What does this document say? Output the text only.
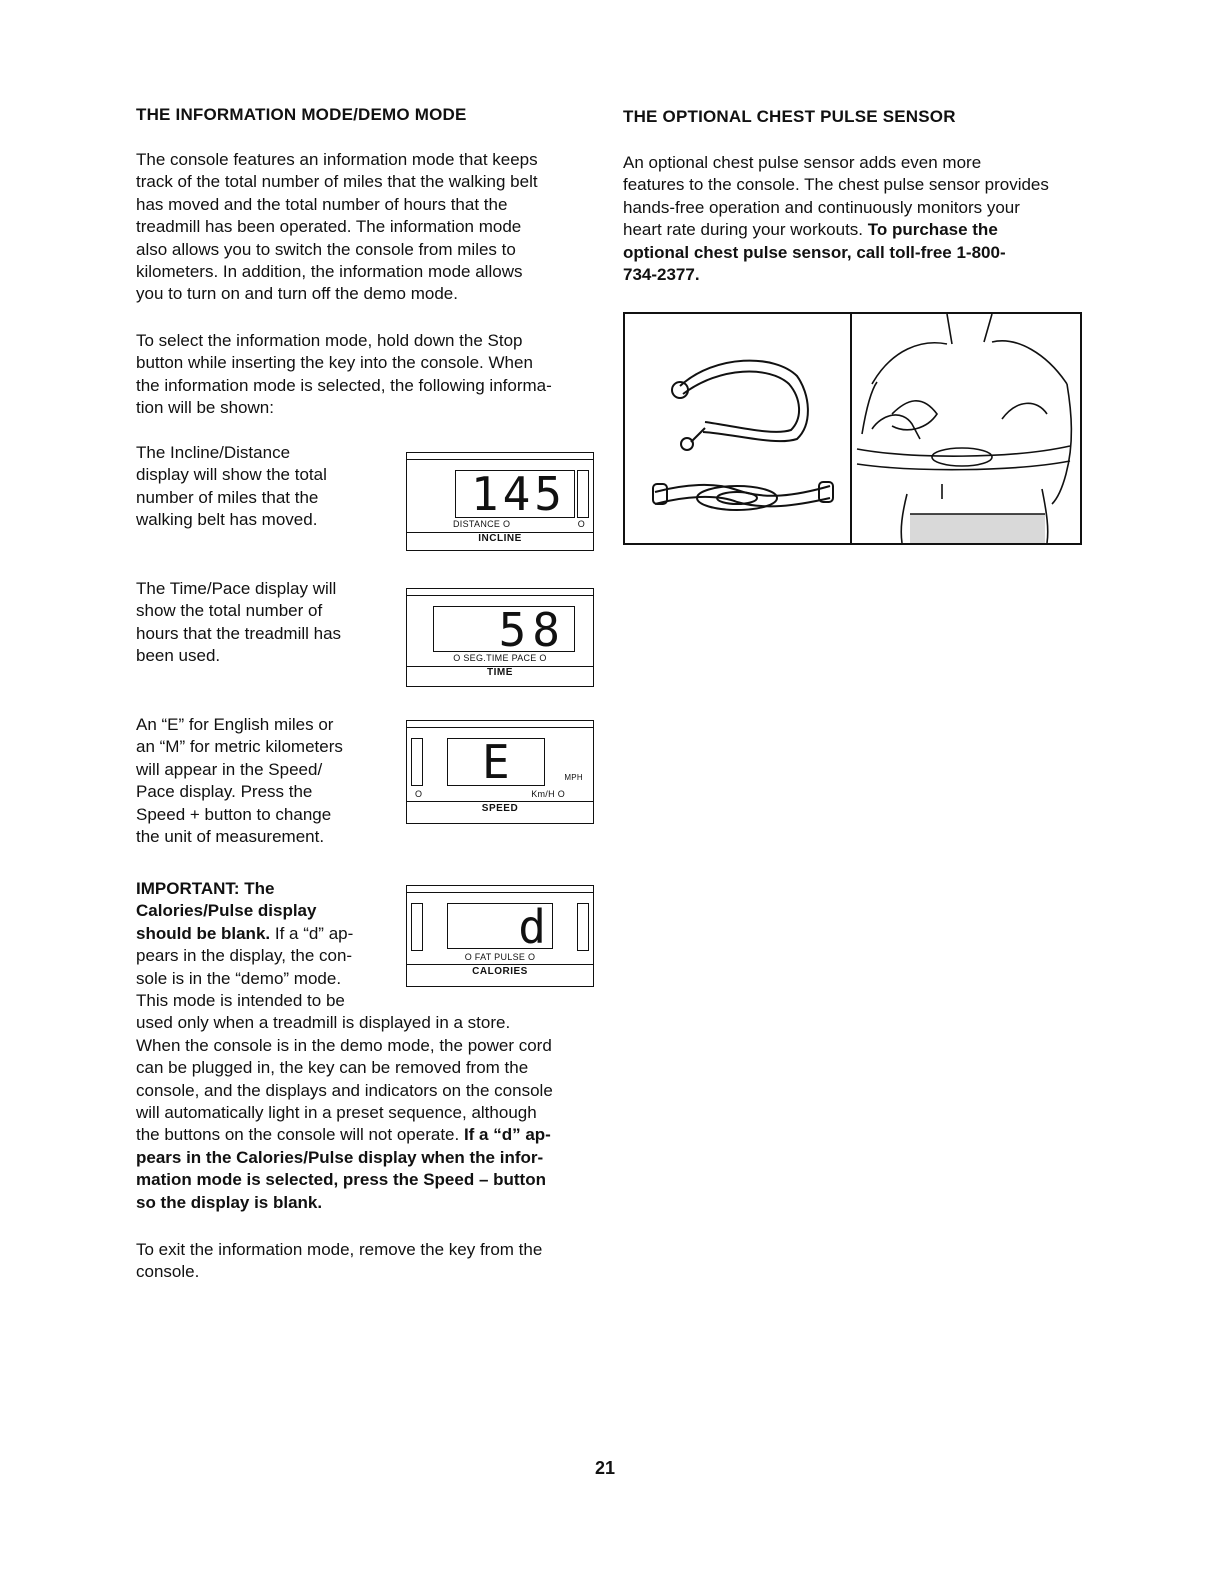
THE INFORMATION MODE/DEMO MODE

The console features an information mode that keeps

track of the total number of miles that the walking belt

has moved and the total number of hours that the

treadmill has been operated. The information mode

also allows you to switch the console from miles to

kilometers. In addition, the information mode allows

you to turn on and turn off the demo mode.

To select the information mode, hold down the Stop

button while inserting the key into the console. When

the information mode is selected, the following informa-

tion will be shown:

The Incline/Distance

display will show the total

number of miles that the

walking belt has moved.

The Time/Pace display will

show the total number of

hours that the treadmill has

been used.

An “E” for English miles or

an “M” for metric kilometers

will appear in the Speed/

Pace display. Press the

Speed + button to change

the unit of measurement.

IMPORTANT: The

Calories/Pulse display

should be blank. If a “d” ap-

pears in the display, the con-

sole is in the “demo” mode.

This mode is intended to be

used only when a treadmill is displayed in a store.

When the console is in the demo mode, the power cord

can be plugged in, the key can be removed from the

console, and the displays and indicators on the console

will automatically light in a preset sequence, although

the buttons on the console will not operate. If a “d” ap-

pears in the Calories/Pulse display when the infor-

mation mode is selected, press the Speed – button

so the display is blank.

To exit the information mode, remove the key from the

console.

145
DISTANCE O	O
INCLINE
58
O SEG.TIME PACE O
TIME
E	MPH
O	Km/H O
SPEED
d
O FAT PULSE O
CALORIES
THE OPTIONAL CHEST PULSE SENSOR

An optional chest pulse sensor adds even more

features to the console. The chest pulse sensor provides

hands-free operation and continuously monitors your

heart rate during your workouts. To purchase the

optional chest pulse sensor, call toll-free 1-800-

734-2377.

21
